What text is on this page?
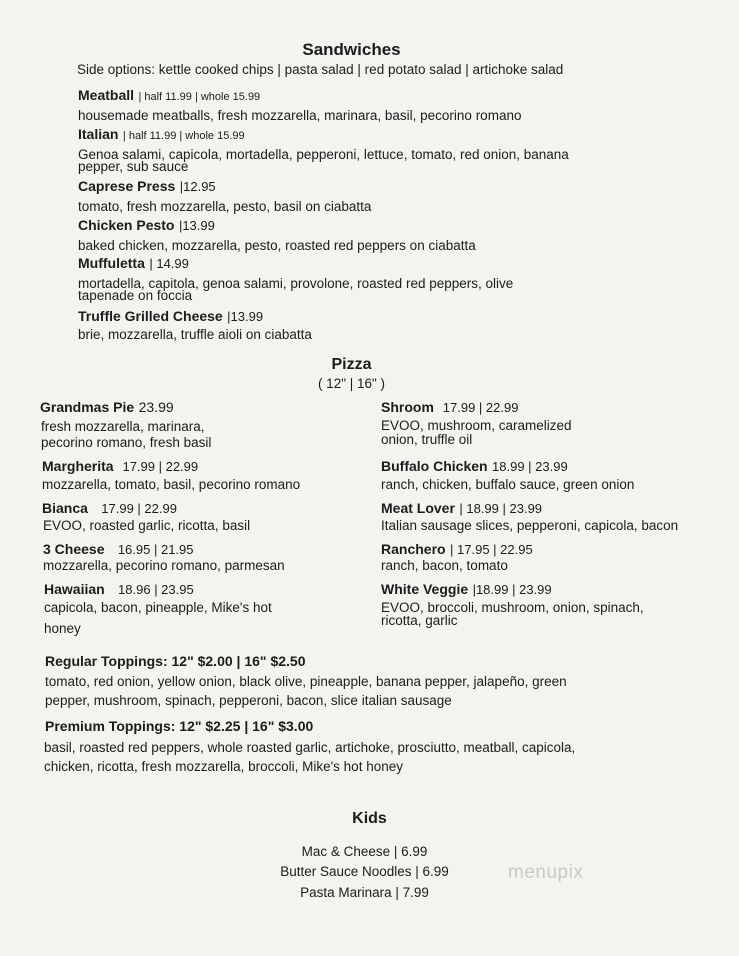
Sandwiches
Side options: kettle cooked chips | pasta salad | red potato salad | artichoke salad
Meatball | half 11.99 | whole 15.99
housemade meatballs, fresh mozzarella, marinara, basil, pecorino romano
Italian | half 11.99 | whole 15.99
Genoa salami, capicola, mortadella, pepperoni, lettuce, tomato, red onion, banana
pepper, sub sauce
Caprese Press |12.95
tomato, fresh mozzarella, pesto, basil on ciabatta
Chicken Pesto |13.99
baked chicken, mozzarella, pesto, roasted red peppers on ciabatta
Muffuletta | 14.99
mortadella, capitola, genoa salami, provolone, roasted red peppers, olive
tapenade on foccia
Truffle Grilled Cheese |13.99
brie, mozzarella, truffle aioli on ciabatta
Pizza
( 12" | 16" )
Grandmas Pie 23.99
fresh mozzarella, marinara,
pecorino romano, fresh basil
Margherita 17.99 | 22.99
mozzarella, tomato, basil, pecorino romano
Bianca 17.99 | 22.99
EVOO, roasted garlic, ricotta, basil
3 Cheese 16.95 | 21.95
mozzarella, pecorino romano, parmesan
Hawaiian 18.96 | 23.95
capicola, bacon, pineapple, Mike's hot
honey
Shroom 17.99 | 22.99
EVOO, mushroom, caramelized
onion, truffle oil
Buffalo Chicken 18.99 | 23.99
ranch, chicken, buffalo sauce, green onion
Meat Lover | 18.99 | 23.99
Italian sausage slices, pepperoni, capicola, bacon
Ranchero | 17.95 | 22.95
ranch, bacon, tomato
White Veggie |18.99 | 23.99
EVOO, broccoli, mushroom, onion, spinach,
ricotta, garlic
Regular Toppings: 12" $2.00 | 16" $2.50
tomato, red onion, yellow onion, black olive, pineapple, banana pepper, jalapeño, green
pepper, mushroom, spinach, pepperoni, bacon, slice italian sausage
Premium Toppings: 12" $2.25 | 16" $3.00
basil, roasted red peppers, whole roasted garlic, artichoke, prosciutto, meatball, capicola,
chicken, ricotta, fresh mozzarella, broccoli, Mike's hot honey
Kids
Mac & Cheese | 6.99
Butter Sauce Noodles | 6.99
Pasta Marinara | 7.99
menupix
